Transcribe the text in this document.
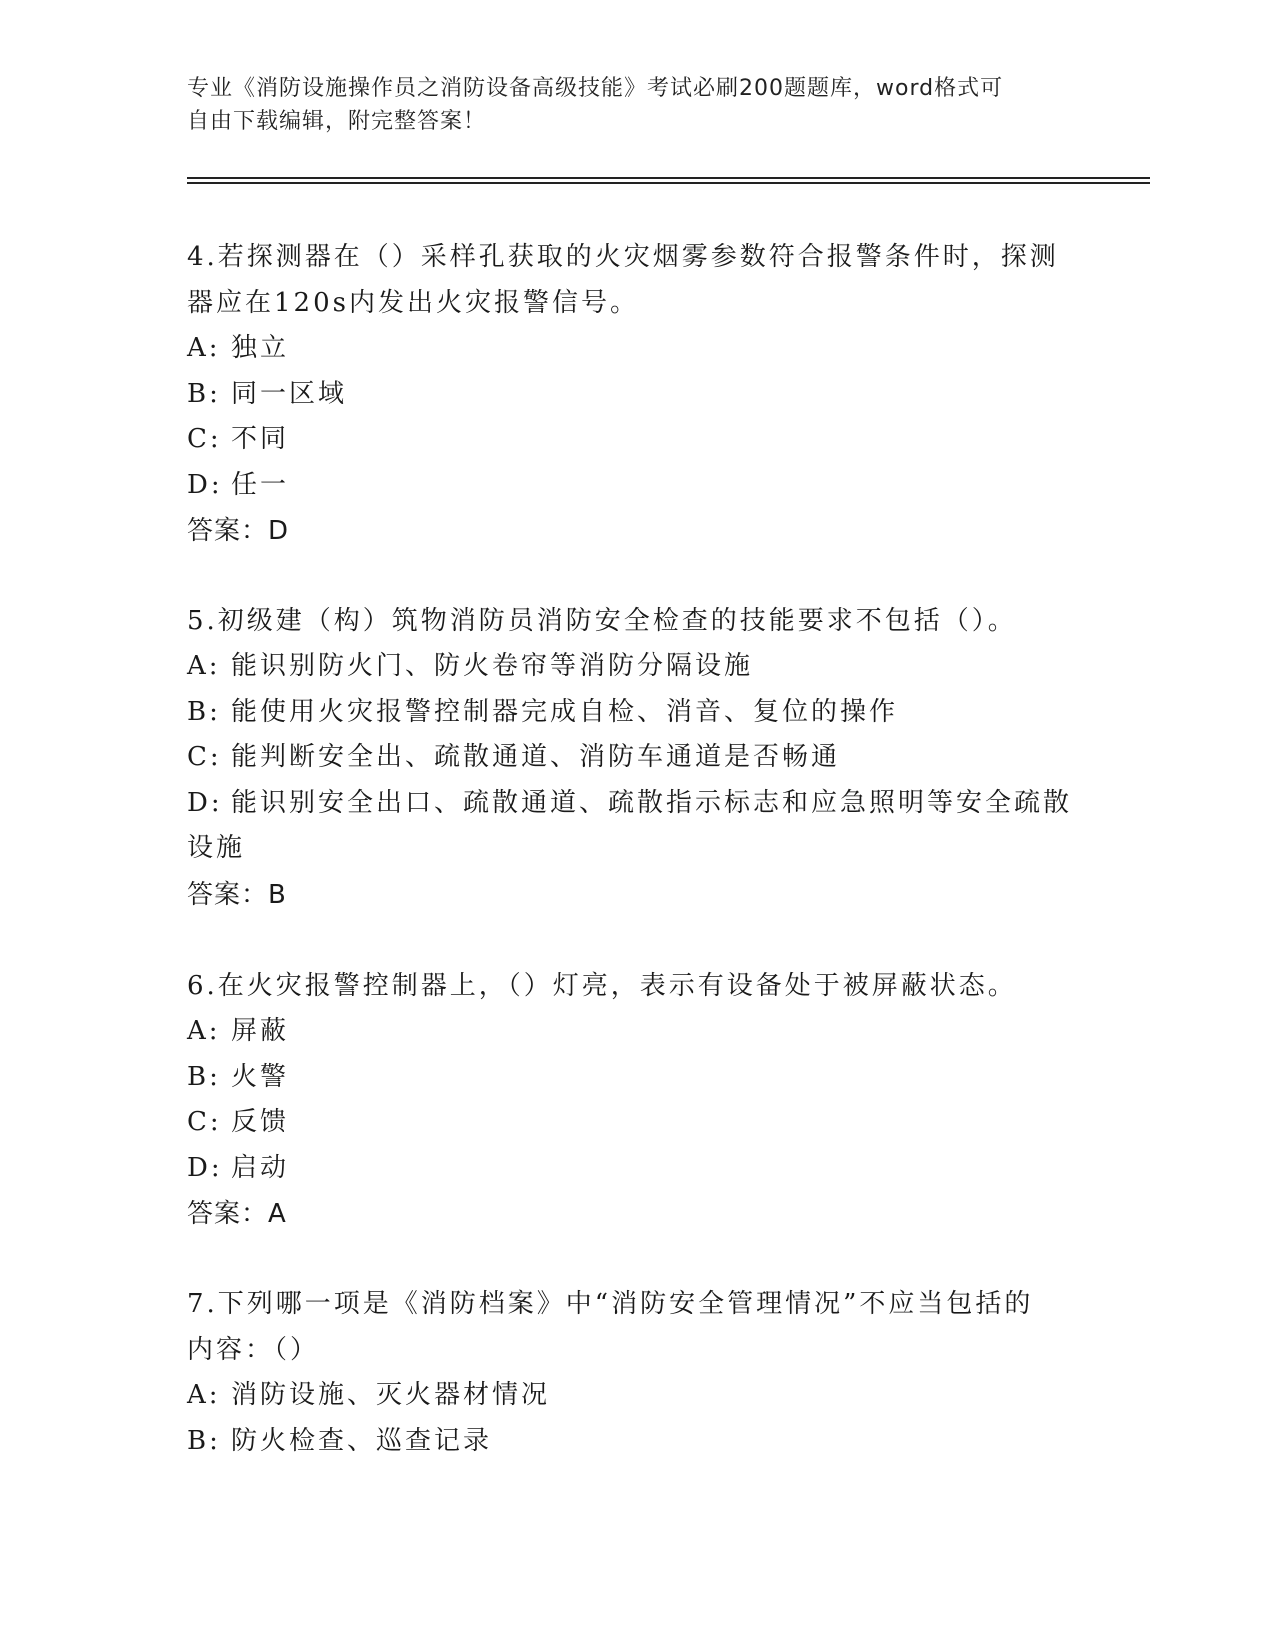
专业《消防设施操作员之消防设备高级技能》考试必刷200题题库，word格式可
自由下载编辑，附完整答案！

4.若探测器在（）采样孔获取的火灾烟雾参数符合报警条件时，探测
器应在120s内发出火灾报警信号。

A: 独立

B: 同一区域

C: 不同

D: 任一

答案：D

5.初级建（构）筑物消防员消防安全检查的技能要求不包括（）。

A: 能识别防火门、防火卷帘等消防分隔设施

B: 能使用火灾报警控制器完成自检、消音、复位的操作

C: 能判断安全出、疏散通道、消防车通道是否畅通

D: 能识别安全出口、疏散通道、疏散指示标志和应急照明等安全疏散设施

答案：B

6.在火灾报警控制器上，（）灯亮，表示有设备处于被屏蔽状态。

A: 屏蔽

B: 火警

C: 反馈

D: 启动

答案：A

7.下列哪一项是《消防档案》中“消防安全管理情况”不应当包括的
内容：（）

A: 消防设施、灭火器材情况

B: 防火检查、巡查记录
